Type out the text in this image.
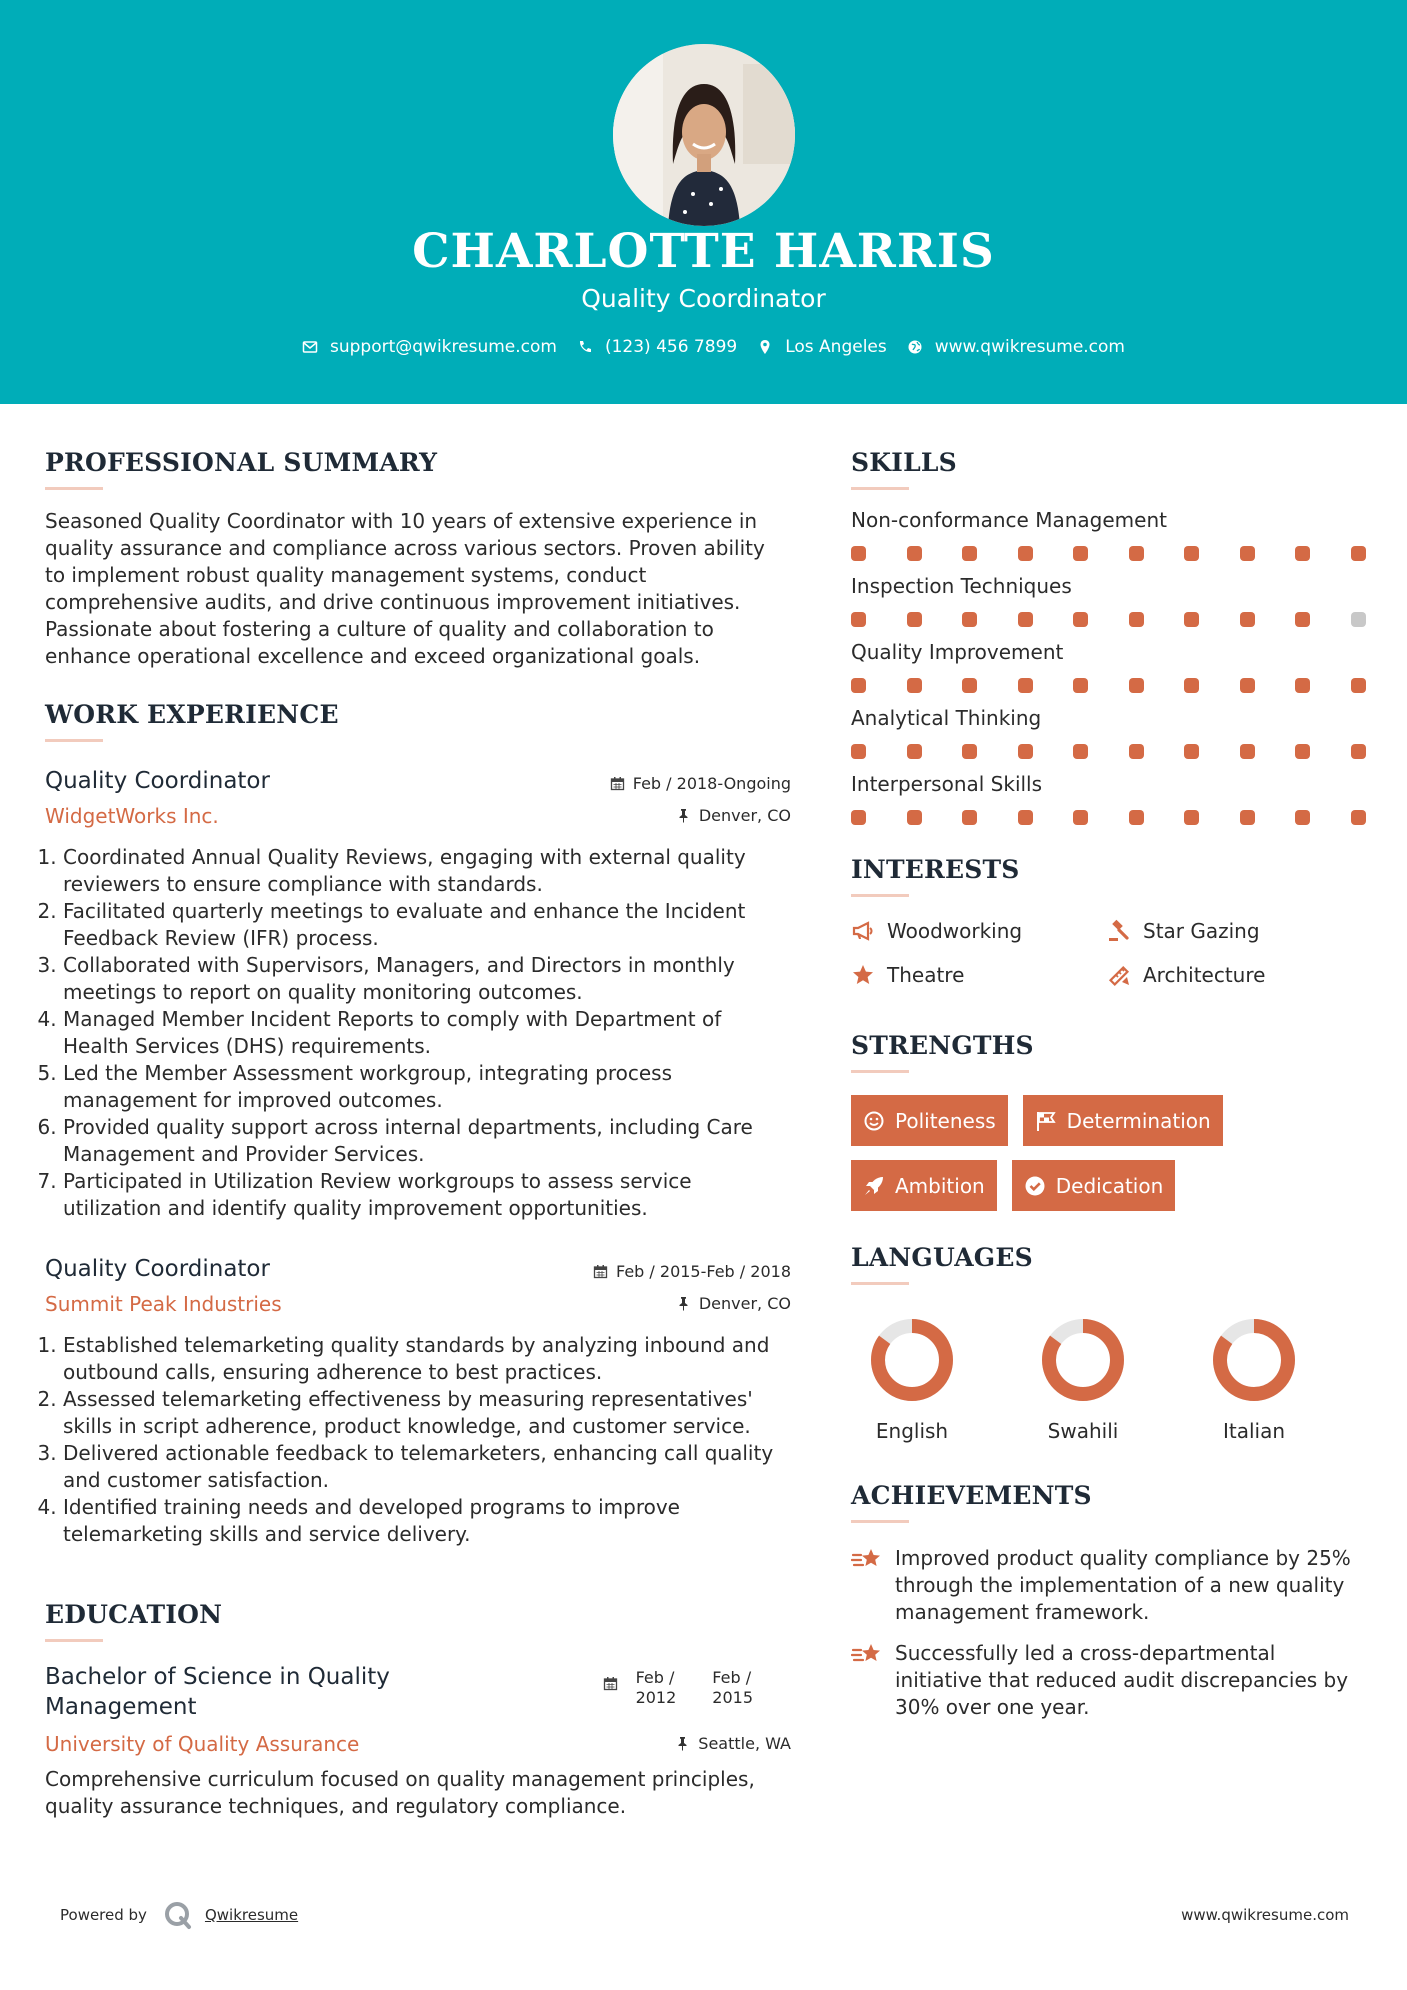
CHARLOTTE HARRIS
Quality Coordinator
support@qwikresume.com	(123) 456 7899	Los Angeles	www.qwikresume.com
PROFESSIONAL SUMMARY

Seasoned Quality Coordinator with 10 years of extensive experience in quality assurance and compliance across various sectors. Proven ability to implement robust quality management systems, conduct comprehensive audits, and drive continuous improvement initiatives. Passionate about fostering a culture of quality and collaboration to enhance operational excellence and exceed organizational goals.

WORK EXPERIENCE
Quality Coordinator
WidgetWorks Inc.
Feb / 2018-Ongoing
Denver, CO
1. Coordinated Annual Quality Reviews, engaging with external quality reviewers to ensure compliance with standards.
2. Facilitated quarterly meetings to evaluate and enhance the Incident Feedback Review (IFR) process.
3. Collaborated with Supervisors, Managers, and Directors in monthly meetings to report on quality monitoring outcomes.
4. Managed Member Incident Reports to comply with Department of Health Services (DHS) requirements.
5. Led the Member Assessment workgroup, integrating process management for improved outcomes.
6. Provided quality support across internal departments, including Care Management and Provider Services.
7. Participated in Utilization Review workgroups to assess service utilization and identify quality improvement opportunities.
Quality Coordinator
Summit Peak Industries
Feb / 2015-Feb / 2018
Denver, CO
1. Established telemarketing quality standards by analyzing inbound and outbound calls, ensuring adherence to best practices.
2. Assessed telemarketing effectiveness by measuring representatives' skills in script adherence, product knowledge, and customer service.
3. Delivered actionable feedback to telemarketers, enhancing call quality and customer satisfaction.
4. Identified training needs and developed programs to improve telemarketing skills and service delivery.
EDUCATION
Bachelor of Science in Quality Management
University of Quality Assurance
Feb /
2012
Feb /
2015
Seattle, WA

Comprehensive curriculum focused on quality management principles, quality assurance techniques, and regulatory compliance.

SKILLS
Non-conformance Management
Inspection Techniques
Quality Improvement
Analytical Thinking
Interpersonal Skills
INTERESTS
Woodworking	Star Gazing
Theatre	Architecture
STRENGTHS
Politeness	Determination
Ambition	Dedication
LANGUAGES
English	Swahili	Italian
ACHIEVEMENTS
Improved product quality compliance by 25% through the implementation of a new quality management framework.
Successfully led a cross-departmental initiative that reduced audit discrepancies by 30% over one year.
Powered by	Qwikresume	www.qwikresume.com
